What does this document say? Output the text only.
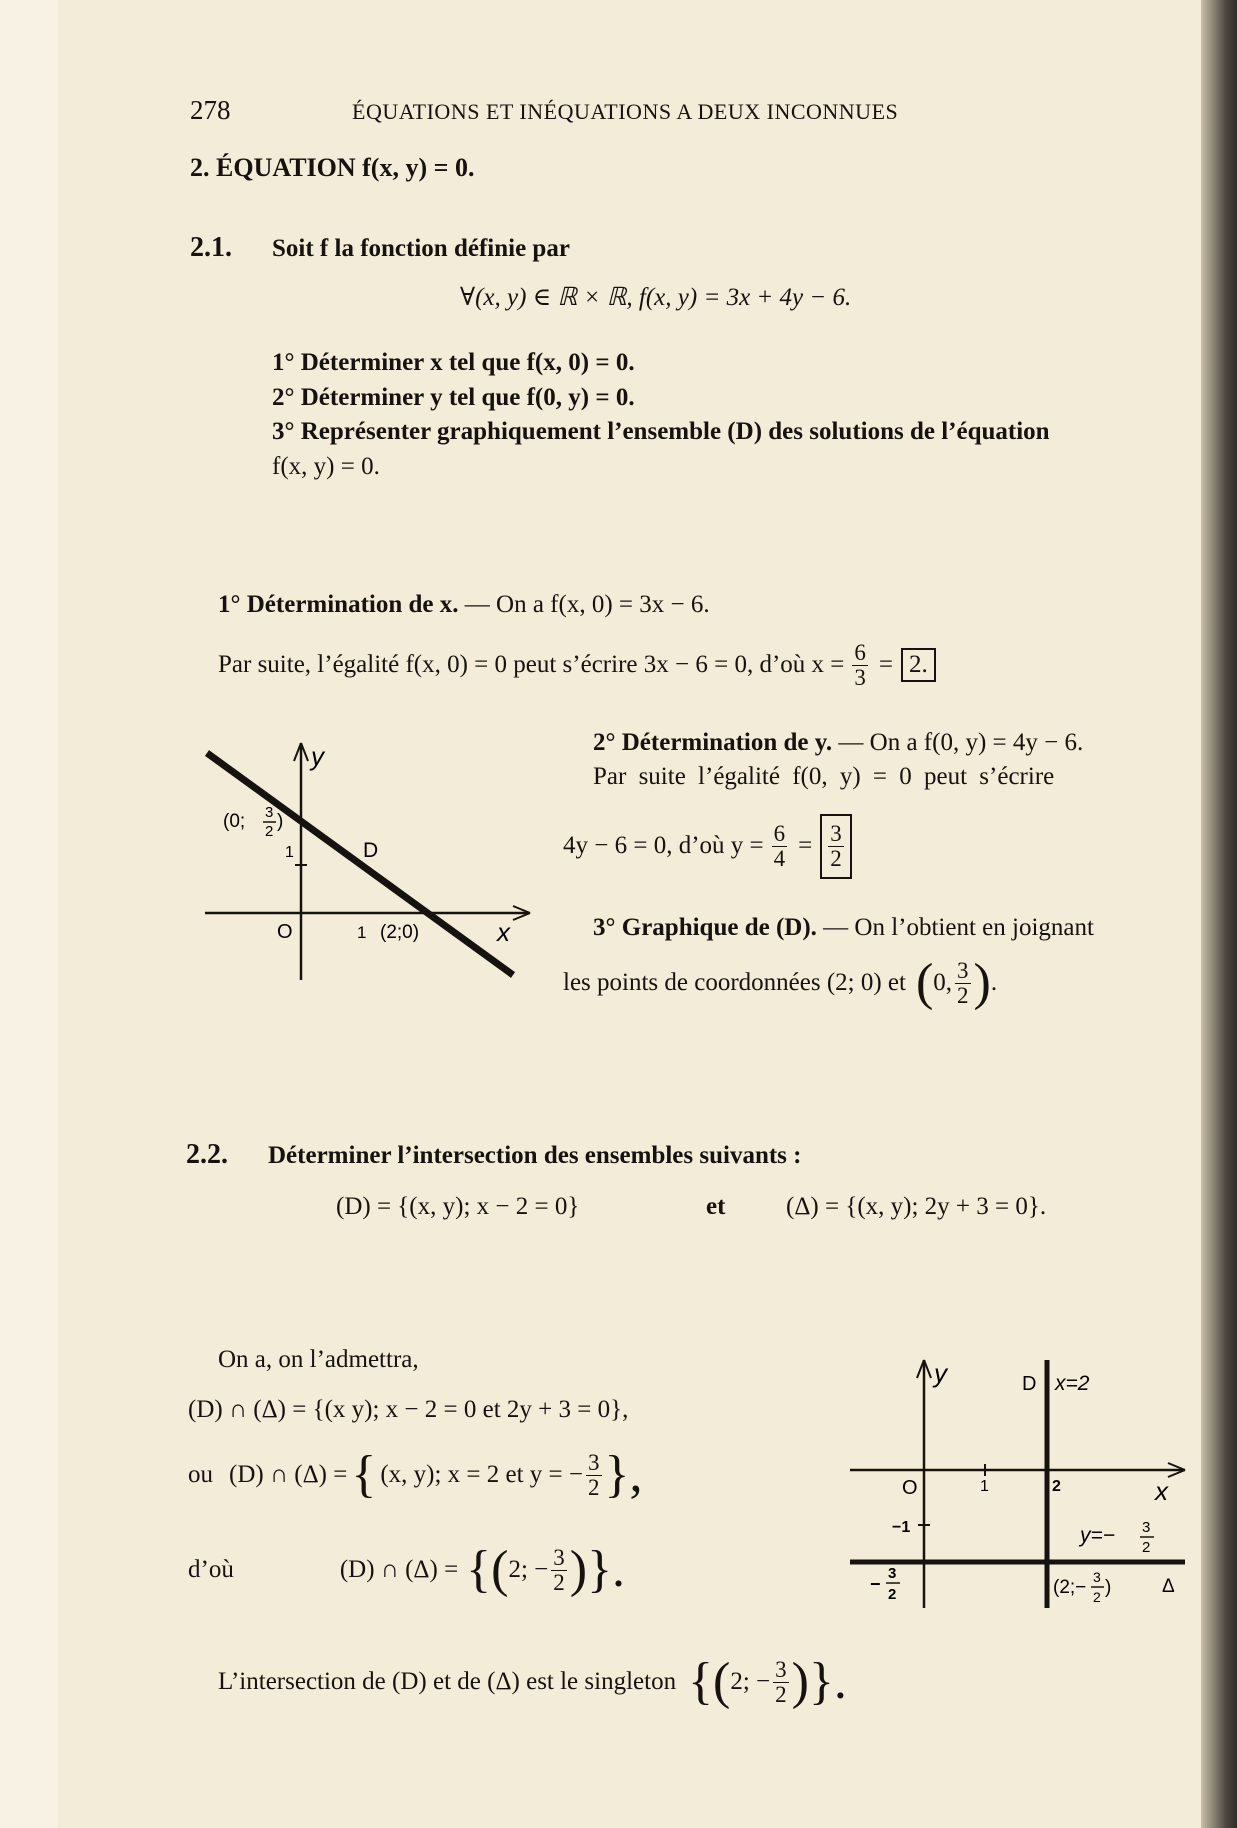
278	ÉQUATIONS ET INÉQUATIONS A DEUX INCONNUES
2. ÉQUATION f(x, y) = 0.
2.1. Soit f la fonction définie par
∀(x, y) ∈ ℝ × ℝ, f(x, y) = 3x + 4y − 6.
1° Déterminer x tel que f(x, 0) = 0.
2° Déterminer y tel que f(0, y) = 0.
3° Représenter graphiquement l’ensemble (D) des solutions de l’équation
f(x, y) = 0.
1° Détermination de x. — On a f(x, 0) = 3x − 6.
Par suite, l’égalité f(x, 0) = 0 peut s’écrire 3x − 6 = 0, d’où $x = \frac{6}{3} = 2$.
y
x
O	1
1	D
(2;0)
(0; 3
2 )
2° Détermination de y. — On a f(0, y) = 4y − 6.
Par suite l’égalité f(0, y) = 0 peut s’écrire
4y − 6 = 0, d’où $y = \frac{6}{4} = \frac{3}{2}$
3° Graphique de (D). — On l’obtient en joignant
les points de coordonnées (2; 0) et ( 0, $\frac{3}{2}$ ) .
2.2. Déterminer l’intersection des ensembles suivants :
(D) = {(x, y); x − 2 = 0}	et (Δ) = {(x, y); 2y + 3 = 0}.
On a, on l’admettra,
(D) ∩ (Δ) = {(x y); x − 2 = 0 et 2y + 3 = 0},
ou (D) ∩ (Δ) = { (x, y); x = 2 et y = − $\frac{3}{2}$ },
d’où	(D) ∩ (Δ) = {( 2; − $\frac{3}{2}$ )}.
L’intersection de (D) et de (Δ) est le singleton {( 2; − $\frac{3}{2}$ )}.
y
x
O	1	2
−1
−
3
2
D x=2
y=− 3
2
(2;− 3
2 )	Δ
